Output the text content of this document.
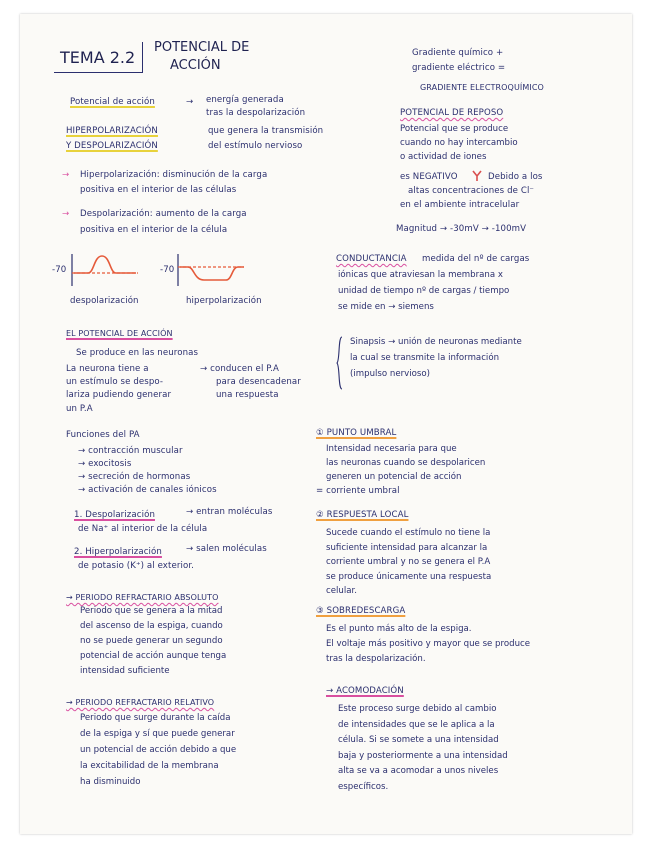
TEMA 2.2
POTENCIAL DE
ACCIÓN
Gradiente químico +
gradiente eléctrico =
GRADIENTE ELECTROQUÍMICO
Potencial de acción	→ energía generada
tras la despolarización
HIPERPOLARIZACIÓN
Y DESPOLARIZACIÓN
que genera la transmisión
del estímulo nervioso
→ Hiperpolarización: disminución de la carga
positiva en el interior de las células
→ Despolarización: aumento de la carga
positiva en el interior de la célula
-70	-70
despolarización	hiperpolarización
EL POTENCIAL DE ACCIÓN
Se produce en las neuronas
La neurona tiene a
un estímulo se despo-
lariza pudiendo generar
un P.A
→ conducen el P.A
para desencadenar
una respuesta
Funciones del PA
→ contracción muscular
→ exocitosis
→ secreción de hormonas
→ activación de canales iónicos
1. Despolarización	→ entran moléculas
de Na⁺ al interior de la célula
2. Hiperpolarización	→ salen moléculas
de potasio (K⁺) al exterior.
→ PERIODO REFRACTARIO ABSOLUTO
Periodo que se genera a la mitad
del ascenso de la espiga, cuando
no se puede generar un segundo
potencial de acción aunque tenga
intensidad suficiente
→ PERIODO REFRACTARIO RELATIVO
Periodo que surge durante la caída
de la espiga y sí que puede generar
un potencial de acción debido a que
la excitabilidad de la membrana
ha disminuido
POTENCIAL DE REPOSO
Potencial que se produce
cuando no hay intercambio
o actividad de iones
es NEGATIVO	Debido a los
altas concentraciones de Cl⁻
en el ambiente intracelular
Magnitud → -30mV → -100mV
CONDUCTANCIA medida del nº de cargas
iónicas que atraviesan la membrana x
unidad de tiempo nº de cargas / tiempo
se mide en → siemens
Sinapsis → unión de neuronas mediante
la cual se transmite la información
(impulso nervioso)
① PUNTO UMBRAL
Intensidad necesaria para que
las neuronas cuando se despolaricen
generen un potencial de acción
= corriente umbral
② RESPUESTA LOCAL
Sucede cuando el estímulo no tiene la
suficiente intensidad para alcanzar la
corriente umbral y no se genera el P.A
se produce únicamente una respuesta
celular.
③ SOBREDESCARGA
Es el punto más alto de la espiga.
El voltaje más positivo y mayor que se produce
tras la despolarización.
→ ACOMODACIÓN
Este proceso surge debido al cambio
de intensidades que se le aplica a la
célula. Si se somete a una intensidad
baja y posteriormente a una intensidad
alta se va a acomodar a unos niveles
específicos.
